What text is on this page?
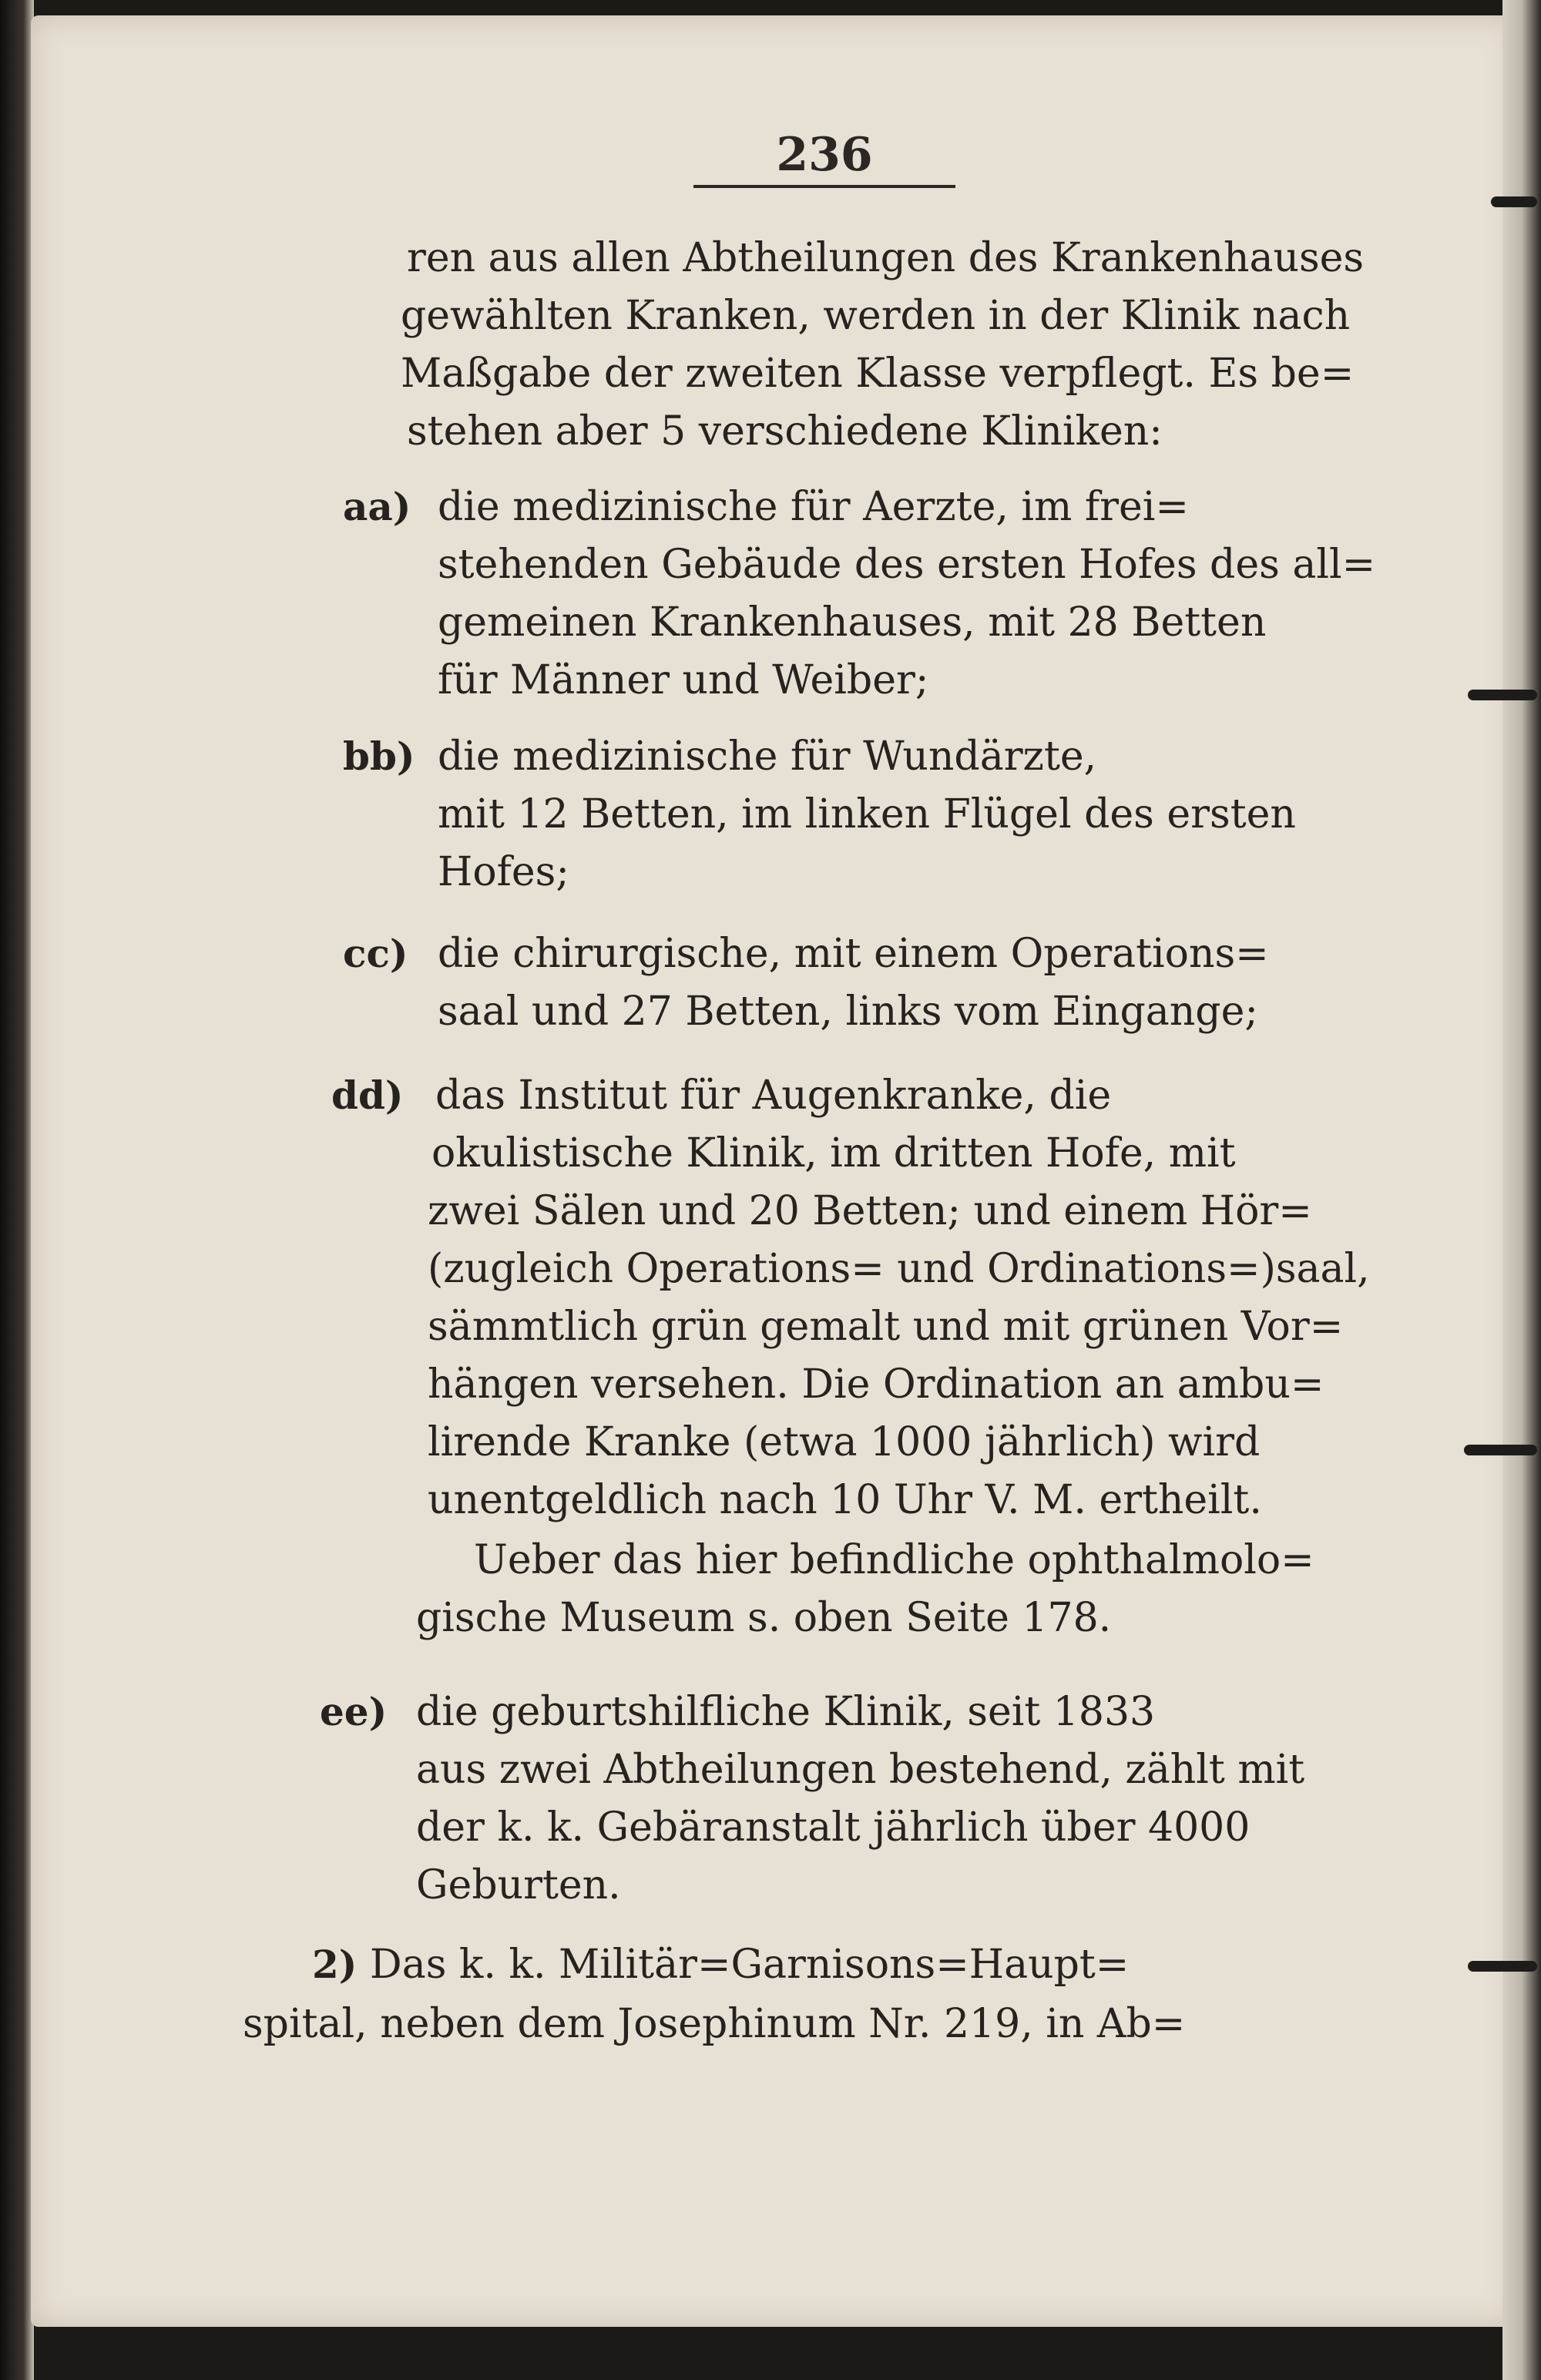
236
ren aus allen Abtheilungen des Krankenhauses
gewählten Kranken, werden in der Klinik nach
Maßgabe der zweiten Klasse verpflegt. Es be=
stehen aber 5 verschiedene Kliniken:
aa) die medizinische für Aerzte, im frei=
stehenden Gebäude des ersten Hofes des all=
gemeinen Krankenhauses, mit 28 Betten
für Männer und Weiber;
bb) die medizinische für Wundärzte,
mit 12 Betten, im linken Flügel des ersten
Hofes;
cc) die chirurgische, mit einem Operations=
saal und 27 Betten, links vom Eingange;
dd) das Institut für Augenkranke, die
okulistische Klinik, im dritten Hofe, mit
zwei Sälen und 20 Betten; und einem Hör=
(zugleich Operations= und Ordinations=)saal,
sämmtlich grün gemalt und mit grünen Vor=
hängen versehen. Die Ordination an ambu=
lirende Kranke (etwa 1000 jährlich) wird
unentgeldlich nach 10 Uhr V. M. ertheilt.
Ueber das hier befindliche ophthalmolo=
gische Museum s. oben Seite 178.
ee) die geburtshilfliche Klinik, seit 1833
aus zwei Abtheilungen bestehend, zählt mit
der k. k. Gebäranstalt jährlich über 4000
Geburten.
2) Das k. k. Militär=Garnisons=Haupt=
spital, neben dem Josephinum Nr. 219, in Ab=
